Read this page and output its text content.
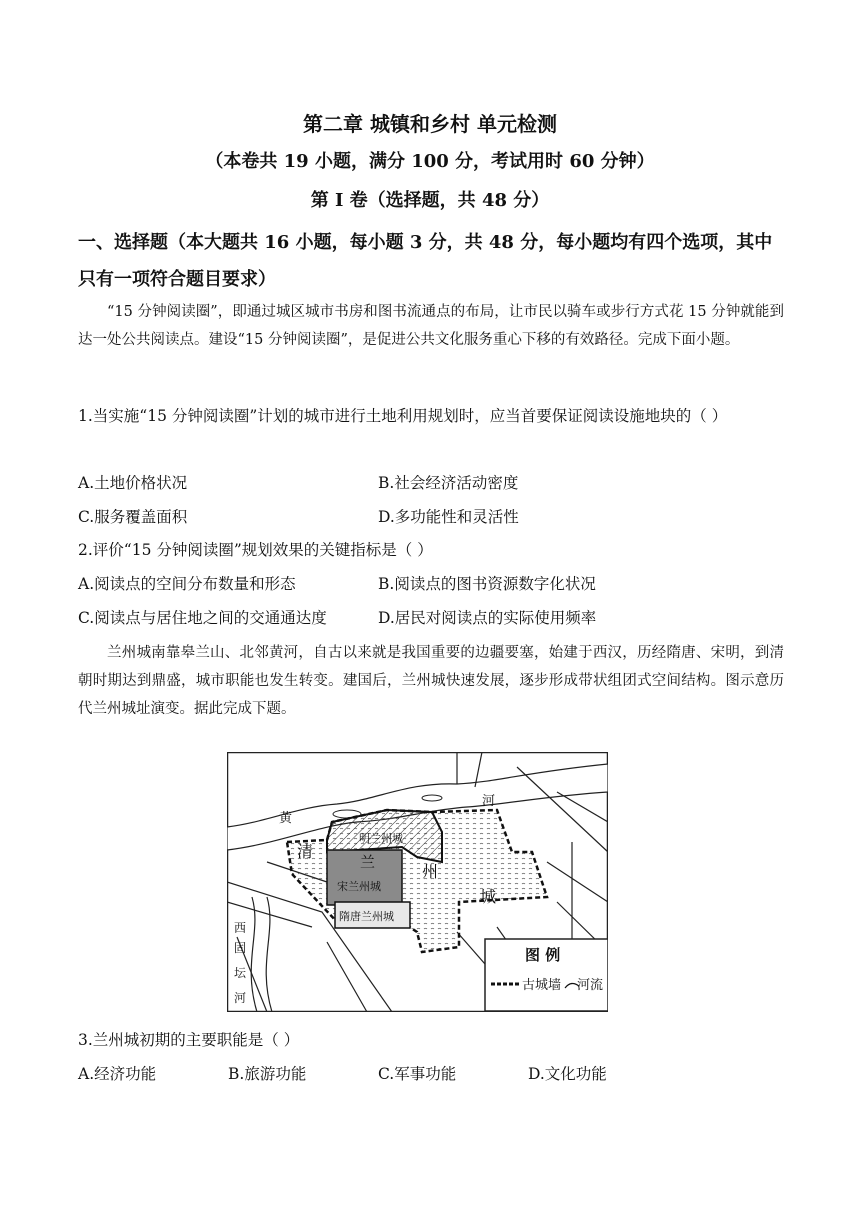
第二章 城镇和乡村 单元检测
（本卷共 19 小题，满分 100 分，考试用时 60 分钟）
第 I 卷（选择题，共 48 分）
一、选择题（本大题共 16 小题，每小题 3 分，共 48 分，每小题均有四个选项，其中只有一项符合题目要求）
“15 分钟阅读圈”，即通过城区城市书房和图书流通点的布局，让市民以骑车或步行方式花 15 分钟就能到达一处公共阅读点。建设“15 分钟阅读圈”，是促进公共文化服务重心下移的有效路径。完成下面小题。
1.当实施“15 分钟阅读圈”计划的城市进行土地利用规划时，应当首要保证阅读设施地块的（ ）
A.土地价格状况	B.社会经济活动密度
C.服务覆盖面积	D.多功能性和灵活性
2.评价“15 分钟阅读圈”规划效果的关键指标是（ ）
A.阅读点的空间分布数量和形态	B.阅读点的图书资源数字化状况
C.阅读点与居住地之间的交通通达度	D.居民对阅读点的实际使用频率
兰州城南靠皋兰山、北邻黄河，自古以来就是我国重要的边疆要塞，始建于西汉，历经隋唐、宋明，到清朝时期达到鼎盛，城市职能也发生转变。建国后，兰州城快速发展，逐步形成带状组团式空间结构。图示意历代兰州城址演变。据此完成下题。
河
黄
清
兰	州
城
明兰州城
宋兰州城
隋唐兰州城
西
固
坛
河
图 例
古城墙 河流
3.兰州城初期的主要职能是（ ）
A.经济功能	B.旅游功能	C.军事功能	D.文化功能
